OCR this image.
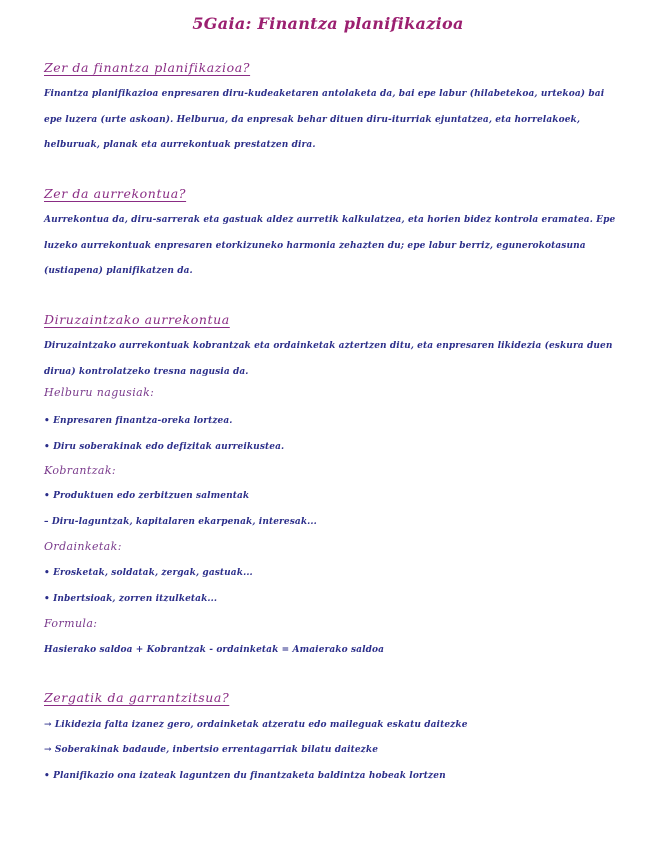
5Gaia: Finantza planifikazioa
Zer da finantza planifikazioa?
Finantza planifikazioa enpresaren diru-kudeaketaren antolaketa da, bai epe labur (hilabetekoa, urtekoa) bai epe luzera (urte askoan). Helburua, da enpresak behar dituen diru-iturriak ejuntatzea, eta horrelakoek, helburuak, planak eta aurrekontuak prestatzen dira.
Zer da aurrekontua?
Aurrekontua da, diru-sarrerak eta gastuak aldez aurretik kalkulatzea, eta horien bidez kontrola eramatea. Epe luzeko aurrekontuak enpresaren etorkizuneko harmonia zehazten du; epe labur berriz, egunerokotasuna (ustiapena) planifikatzen da.
Diruzaintzako aurrekontua
Diruzaintzako aurrekontuak kobrantzak eta ordainketak aztertzen ditu, eta enpresaren likidezia (eskura duen dirua) kontrolatzeko tresna nagusia da.
Helburu nagusiak:
• Enpresaren finantza-oreka lortzea.
• Diru soberakinak edo defizitak aurreikustea.
Kobrantzak:
• Produktuen edo zerbitzuen salmentak
– Diru-laguntzak, kapitalaren ekarpenak, interesak...
Ordainketak:
• Erosketak, soldatak, zergak, gastuak...
• Inbertsioak, zorren itzulketak...
Formula:
Hasierako saldoa + Kobrantzak - ordainketak = Amaierako saldoa
Zergatik da garrantzitsua?
→ Likidezia falta izanez gero, ordainketak atzeratu edo maileguak eskatu daitezke
→ Soberakinak badaude, inbertsio errentagarriak bilatu daitezke
• Planifikazio ona izateak laguntzen du finantzaketa baldintza hobeak lortzen
